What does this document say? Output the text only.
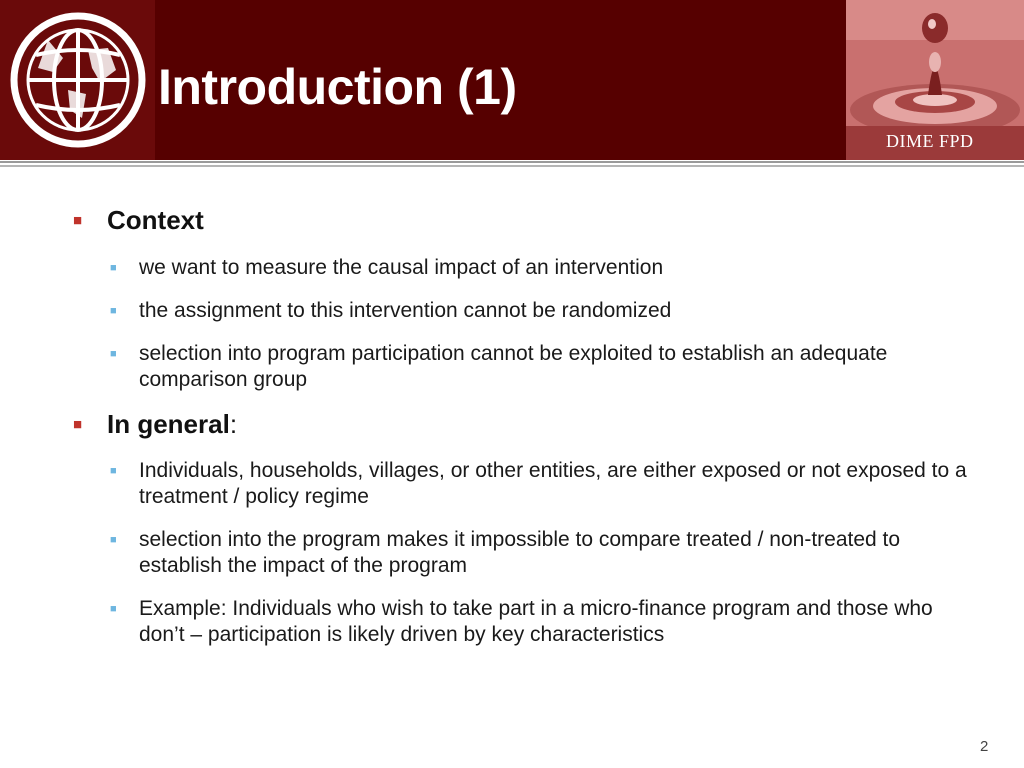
Introduction (1)
DIME FPD
■ Context
■ we want to measure the causal impact of an intervention

■ the assignment to this intervention cannot be randomized

■ selection into program participation cannot be exploited to establish an adequate comparison group

■ In general:
■ Individuals, households, villages, or other entities, are either exposed or not exposed to a treatment / policy regime

■ selection into the program makes it impossible to compare treated / non-treated to establish the impact of the program

■ Example: Individuals who wish to take part in a micro-finance program and those who don’t – participation is likely driven by key characteristics

2
